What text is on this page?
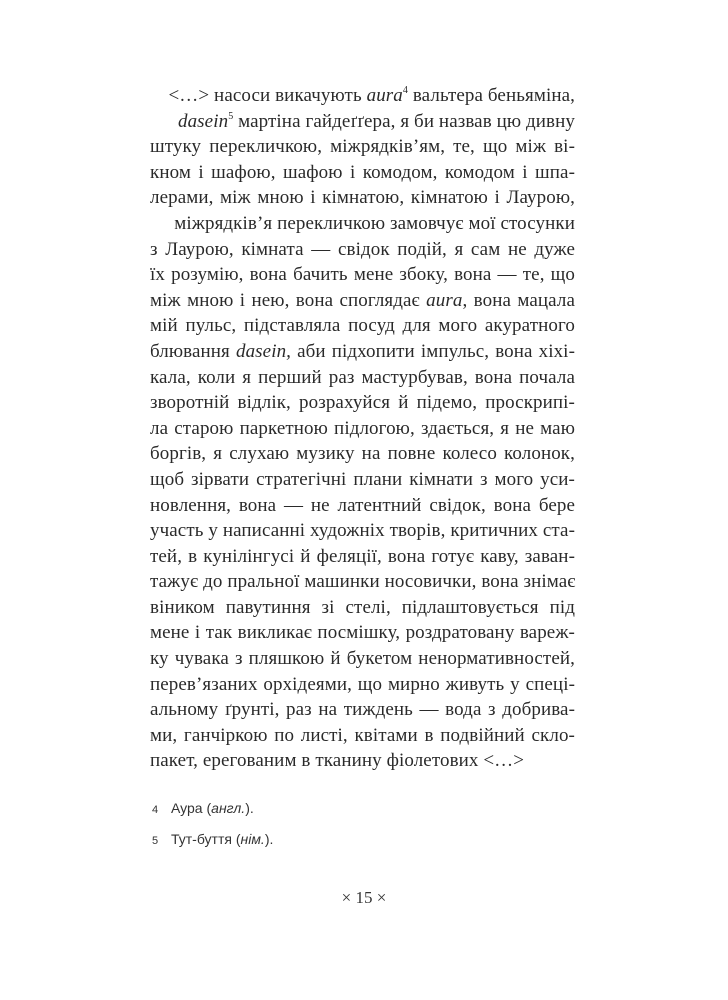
<…> насоси викачують aura$^4$ вальтера беньяміна,
dasein$^5$ мартіна гайдеґґера, я би назвав цю дивну
штуку перекличкою, міжрядків’ям, те, що між ві-
кном і шафою, шафою і комодом, комодом і шпа-
лерами, між мною і кімнатою, кімнатою і Лаурою,
міжрядків’я перекличкою замовчує мої стосунки
з Лаурою, кімната — свідок подій, я сам не дуже
їх розумію, вона бачить мене збоку, вона — те, що
між мною і нею, вона споглядає aura, вона мацала
мій пульс, підставляла посуд для мого акуратного
блювання dasein, аби підхопити імпульс, вона хіхі-
кала, коли я перший раз мастурбував, вона почала
зворотній відлік, розрахуйся й підемо, проскрипі-
ла старою паркетною підлогою, здається, я не маю
боргів, я слухаю музику на повне колесо колонок,
щоб зірвати стратегічні плани кімнати з мого уси-
новлення, вона — не латентний свідок, вона бере
участь у написанні художніх творів, критичних ста-
тей, в кунілінгусі й феляції, вона готує каву, заван-
тажує до пральної машинки носовички, вона знімає
віником павутиння зі стелі, підлаштовується під
мене і так викликає посмішку, роздратовану вареж-
ку чувака з пляшкою й букетом ненормативностей,
перев’язаних орхідеями, що мирно живуть у спеці-
альному ґрунті, раз на тиждень — вода з добрива-
ми, ганчіркою по листі, квітами в подвійний скло-
пакет, ерегованим в тканину фіолетових <…>
4 Аура (англ.).
5 Тут-буття (нім.).
× 15 ×
